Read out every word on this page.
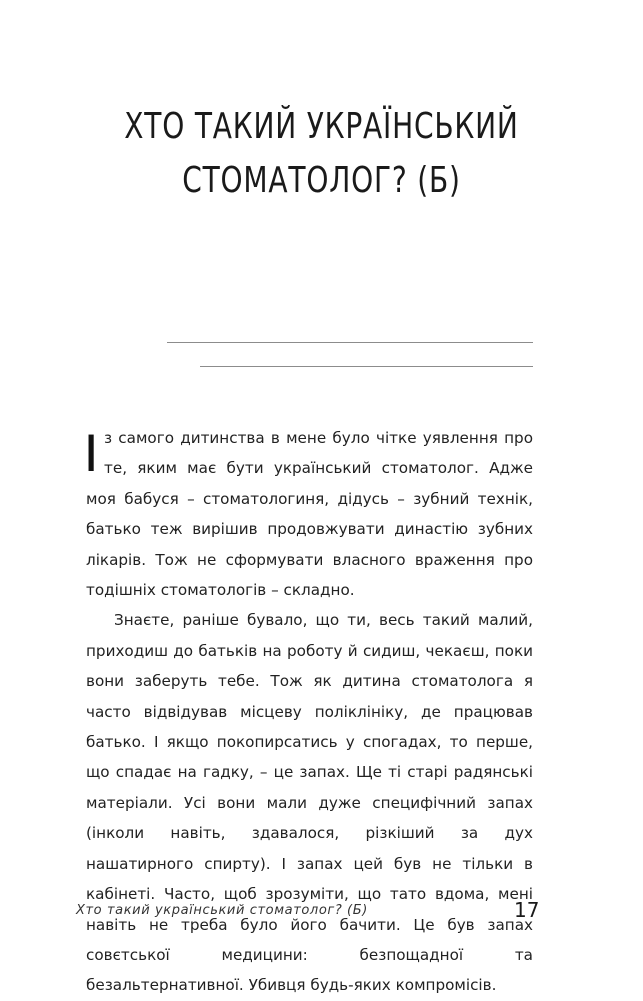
ХТО ТАКИЙ УКРАЇНСЬКИЙ
СТОМАТОЛОГ? (Б)

І з самого дитинства в мене було чітке уявлення про те, яким має бути український стоматолог. Адже моя бабуся – стоматологиня, дідусь – зубний технік, батько теж вирішив продовжувати династію зубних лікарів. Тож не сформувати власного враження про тодішніх стоматологів – складно.

Знаєте, раніше бувало, що ти, весь такий малий, приходиш до батьків на роботу й сидиш, чекаєш, поки вони заберуть тебе. Тож як дитина стоматолога я часто відвідував місцеву поліклініку, де працював батько. І якщо покопирсатись у спогадах, то перше, що спадає на гадку, – це запах. Ще ті старі радянські матеріали. Усі вони мали дуже специфічний запах (інколи навіть, здавалося, різкіший за дух нашатирного спирту). І запах цей був не тільки в кабінеті. Часто, щоб зрозуміти, що тато вдома, мені навіть не треба було його бачити. Це був запах совєтської медицини: безпощадної та безальтернативної. Убивця будь-яких компромісів.

Хто такий український стоматолог? (Б)	17
